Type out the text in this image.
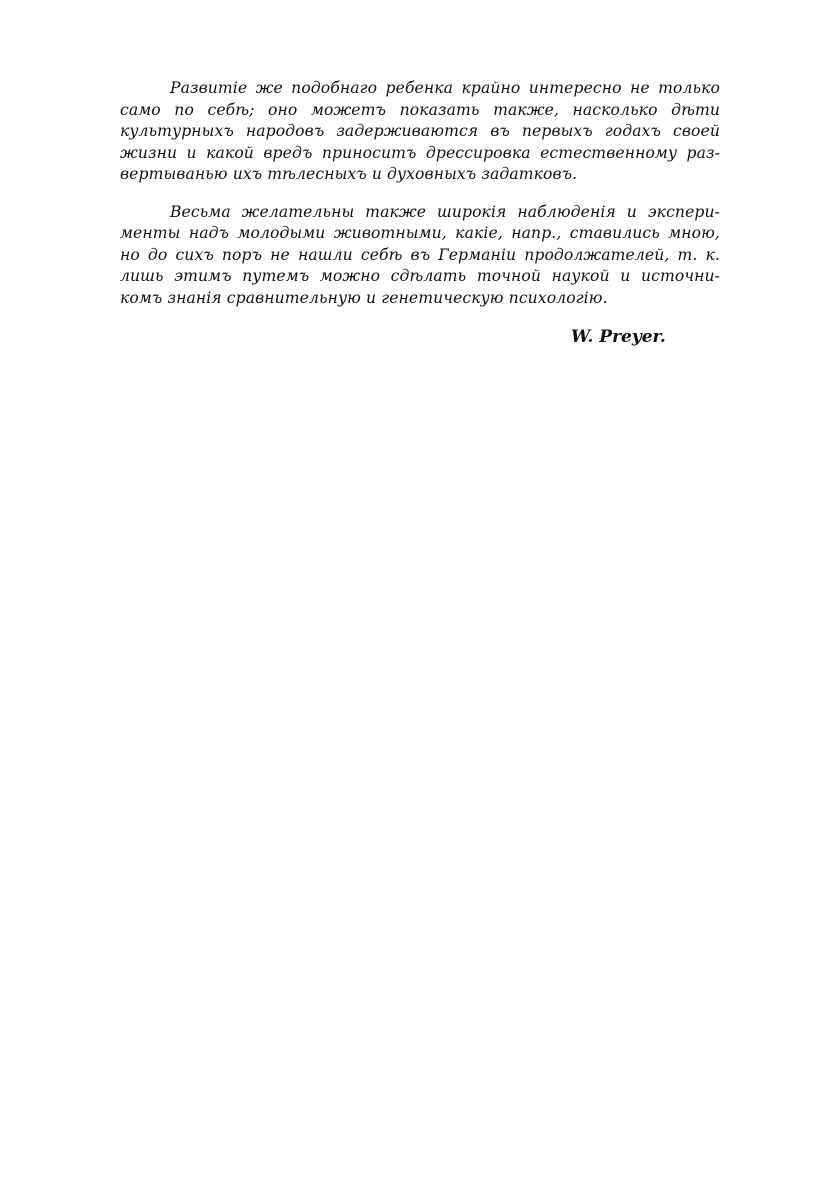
Развитіе же подобнаго ребенка крайно интересно не только
само по себѣ; оно можетъ показать также, насколько дѣти
культурныхъ народовъ задерживаются въ первыхъ годахъ своей
жизни и какой вредъ приноситъ дрессировка естественному раз-
вертыванью ихъ тѣлесныхъ и духовныхъ задатковъ.

Весьма желательны также широкія наблюденія и экспери-
менты надъ молодыми животными, какіе, напр., ставились мною,
но до сихъ поръ не нашли себѣ въ Германіи продолжателей, т. к.
лишь этимъ путемъ можно сдѣлать точной наукой и источни-
комъ знанія сравнительную и генетическую психологію.

W. Preyer.
